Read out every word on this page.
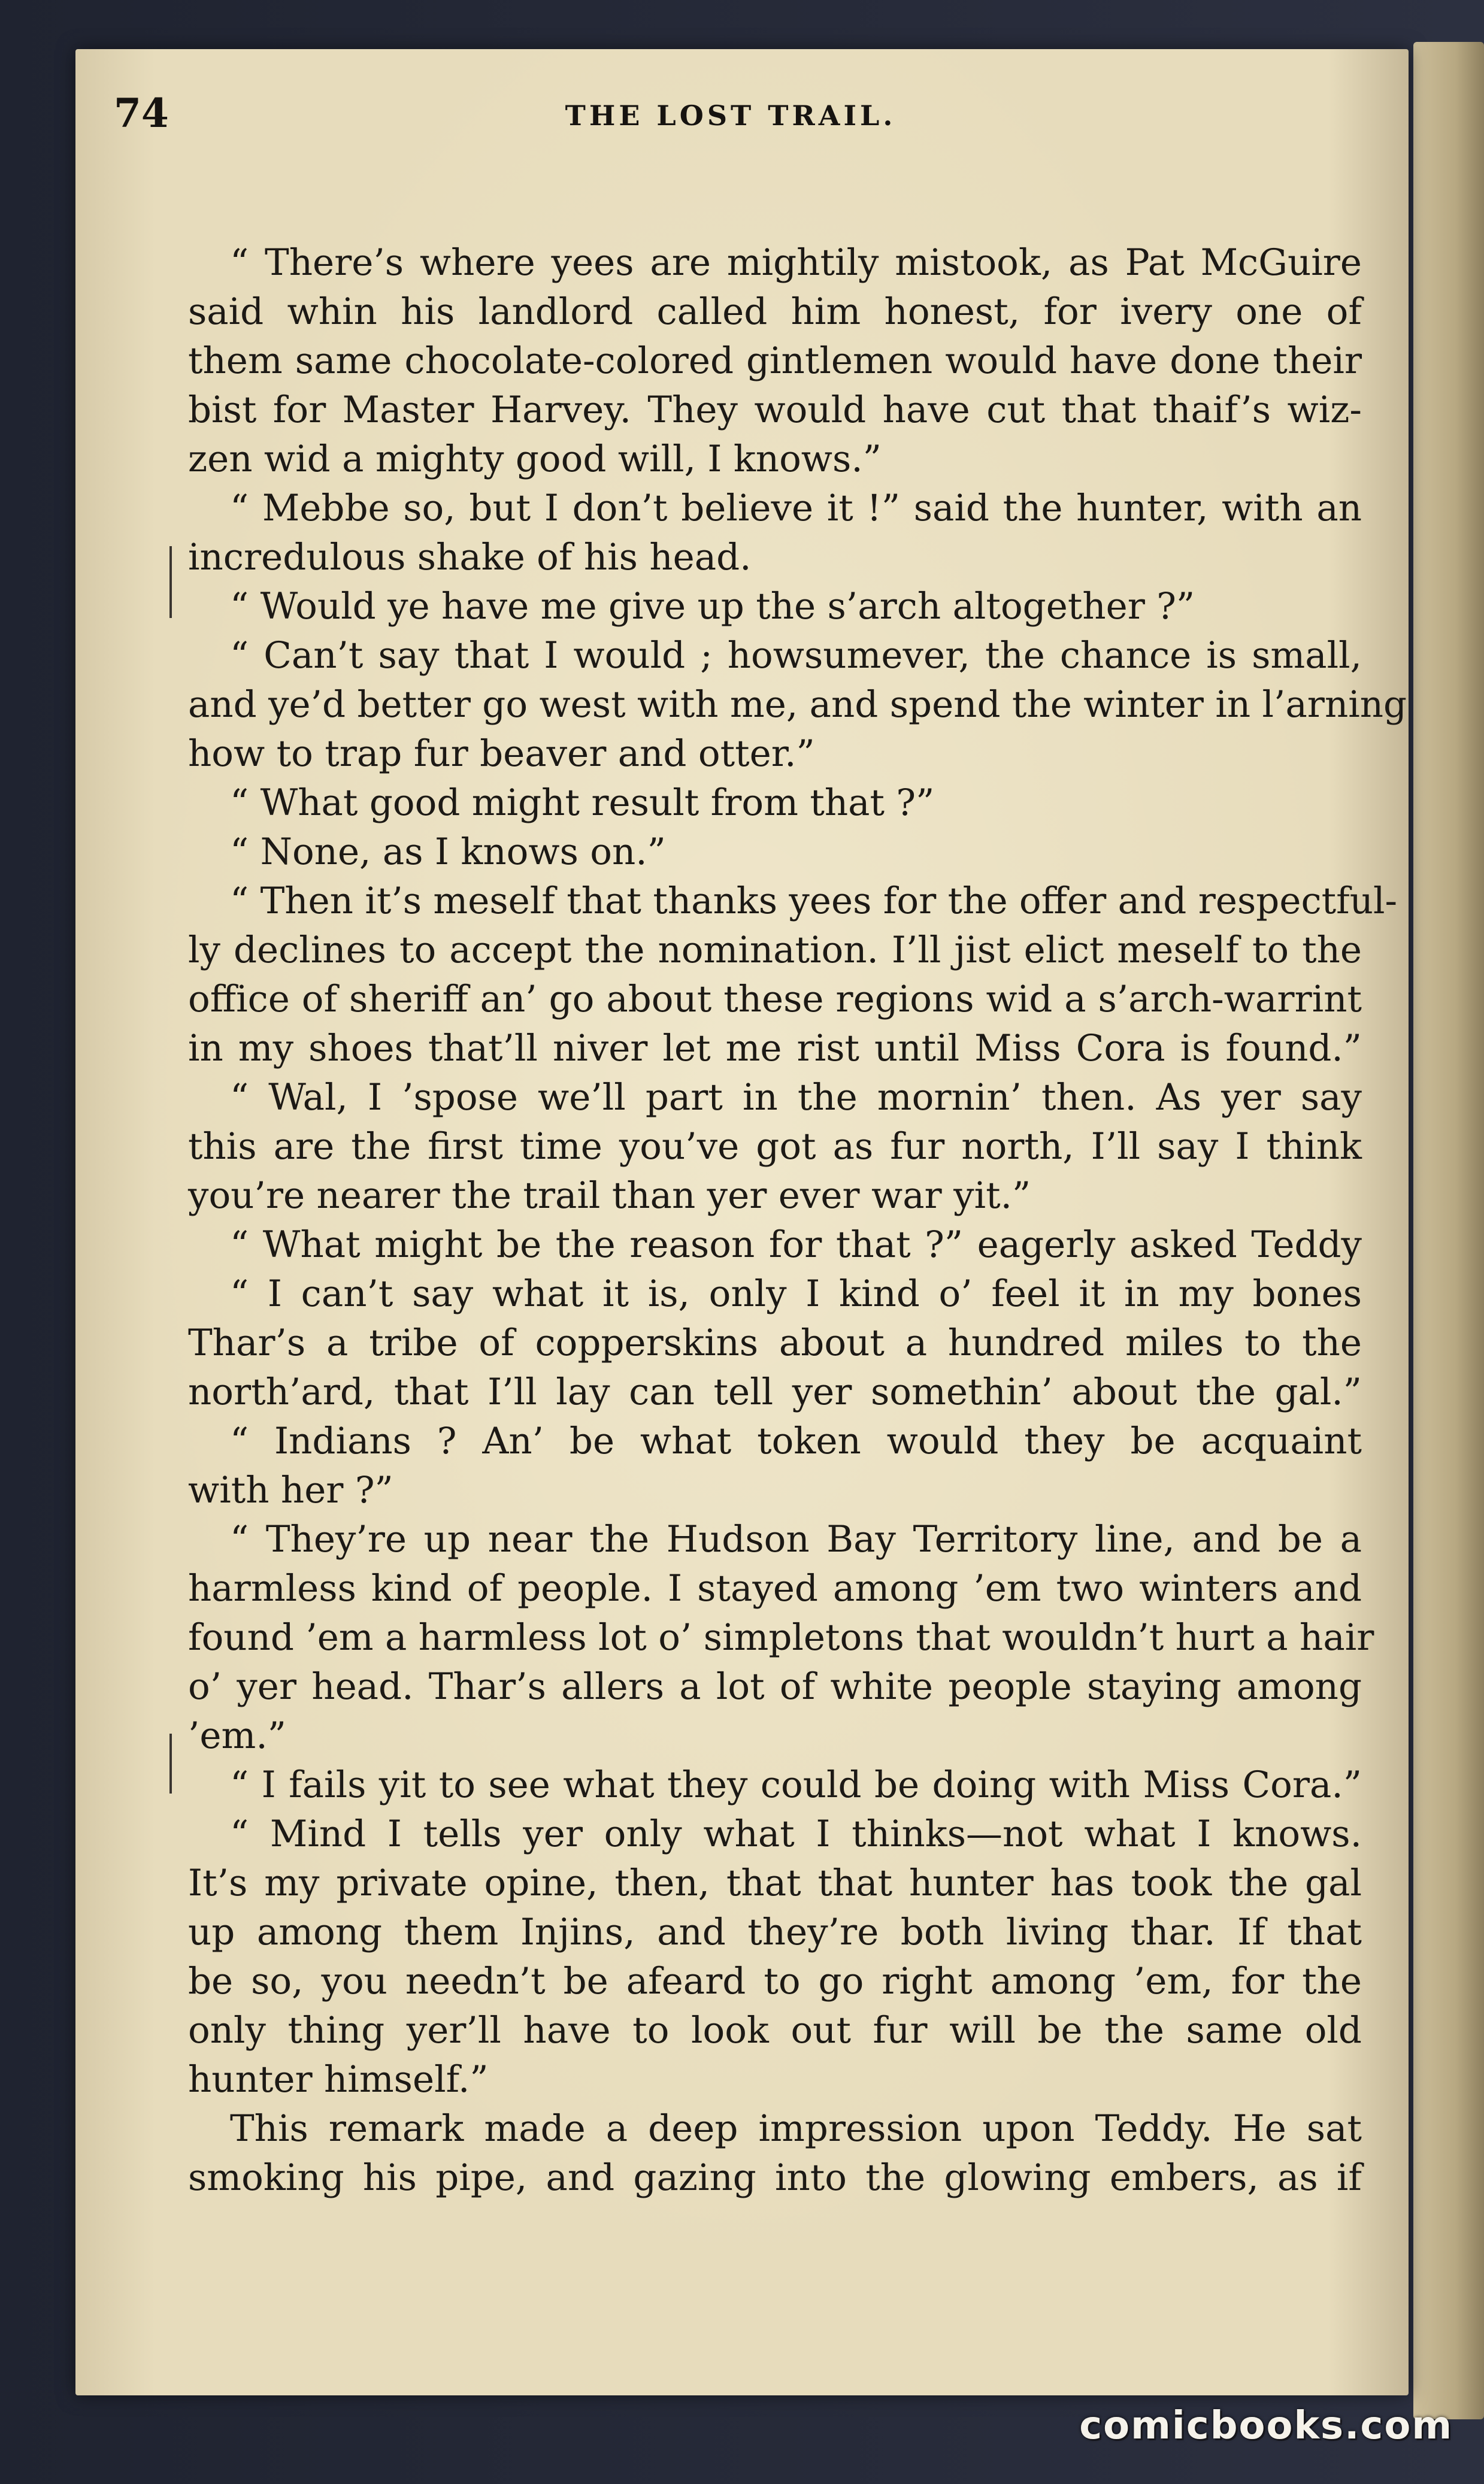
74	THE LOST TRAIL.
“ There’s where yees are mightily mistook, as Pat McGuire
said whin his landlord called him honest, for ivery one of
them same chocolate-colored gintlemen would have done their
bist for Master Harvey. They would have cut that thaif’s wiz-
zen wid a mighty good will, I knows.”
“ Mebbe so, but I don’t believe it !” said the hunter, with an
incredulous shake of his head.
“ Would ye have me give up the s’arch altogether ?”
“ Can’t say that I would ; howsumever, the chance is small,
and ye’d better go west with me, and spend the winter in l’arning
how to trap fur beaver and otter.”
“ What good might result from that ?”
“ None, as I knows on.”
“ Then it’s meself that thanks yees for the offer and respectful-
ly declines to accept the nomination. I’ll jist elict meself to the
office of sheriff an’ go about these regions wid a s’arch-warrint
in my shoes that’ll niver let me rist until Miss Cora is found.”
“ Wal, I ’spose we’ll part in the mornin’ then. As yer say
this are the first time you’ve got as fur north, I’ll say I think
you’re nearer the trail than yer ever war yit.”
“ What might be the reason for that ?” eagerly asked Teddy
“ I can’t say what it is, only I kind o’ feel it in my bones
Thar’s a tribe of copperskins about a hundred miles to the
north’ard, that I’ll lay can tell yer somethin’ about the gal.”
“ Indians ? An’ be what token would they be acquaint
with her ?”
“ They’re up near the Hudson Bay Territory line, and be a
harmless kind of people. I stayed among ’em two winters and
found ’em a harmless lot o’ simpletons that wouldn’t hurt a hair
o’ yer head. Thar’s allers a lot of white people staying among
’em.”
“ I fails yit to see what they could be doing with Miss Cora.”
“ Mind I tells yer only what I thinks—not what I knows.
It’s my private opine, then, that that hunter has took the gal
up among them Injins, and they’re both living thar. If that
be so, you needn’t be afeard to go right among ’em, for the
only thing yer’ll have to look out fur will be the same old
hunter himself.”
This remark made a deep impression upon Teddy. He sat
smoking his pipe, and gazing into the glowing embers, as if
comicbooks.com
